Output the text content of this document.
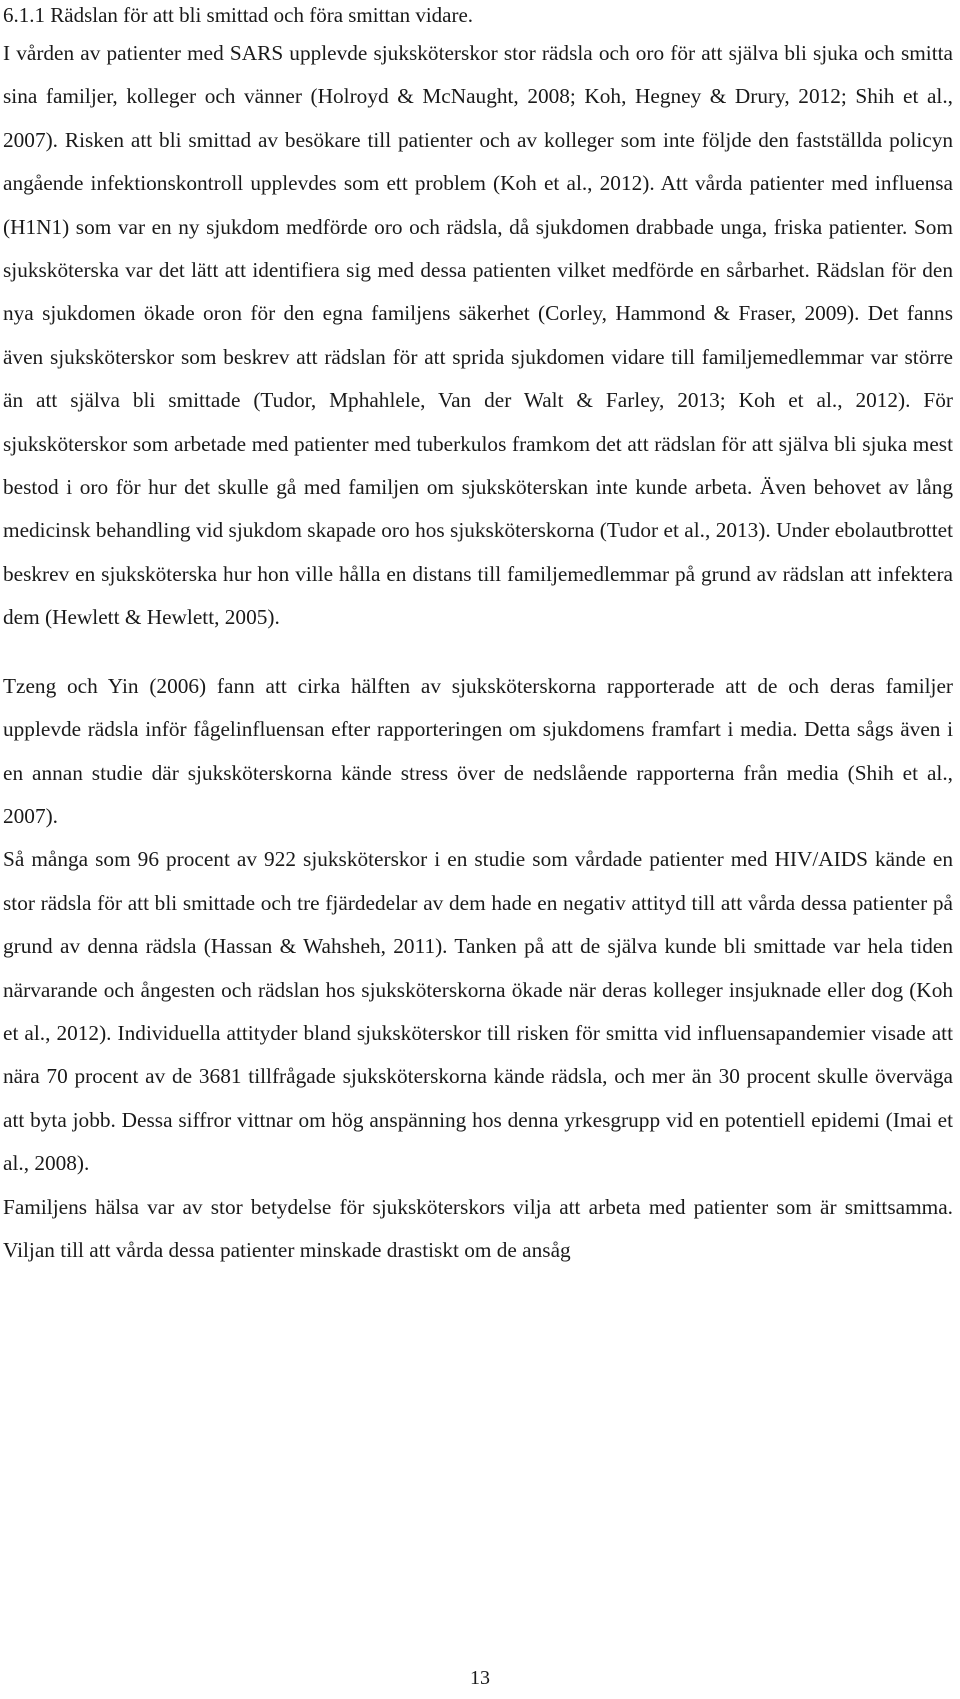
6.1.1 Rädslan för att bli smittad och föra smittan vidare.

I vården av patienter med SARS upplevde sjuksköterskor stor rädsla och oro för att själva bli sjuka och smitta sina familjer, kolleger och vänner (Holroyd & McNaught, 2008; Koh, Hegney & Drury, 2012; Shih et al., 2007). Risken att bli smittad av besökare till patienter och av kolleger som inte följde den fastställda policyn angående infektionskontroll upplevdes som ett problem (Koh et al., 2012). Att vårda patienter med influensa (H1N1) som var en ny sjukdom medförde oro och rädsla, då sjukdomen drabbade unga, friska patienter. Som sjuksköterska var det lätt att identifiera sig med dessa patienten vilket medförde en sårbarhet. Rädslan för den nya sjukdomen ökade oron för den egna familjens säkerhet (Corley, Hammond & Fraser, 2009). Det fanns även sjuksköterskor som beskrev att rädslan för att sprida sjukdomen vidare till familjemedlemmar var större än att själva bli smittade (Tudor, Mphahlele, Van der Walt & Farley, 2013; Koh et al., 2012). För sjuksköterskor som arbetade med patienter med tuberkulos framkom det att rädslan för att själva bli sjuka mest bestod i oro för hur det skulle gå med familjen om sjuksköterskan inte kunde arbeta. Även behovet av lång medicinsk behandling vid sjukdom skapade oro hos sjuksköterskorna (Tudor et al., 2013). Under ebolautbrottet beskrev en sjuksköterska hur hon ville hålla en distans till familjemedlemmar på grund av rädslan att infektera dem (Hewlett & Hewlett, 2005).

Tzeng och Yin (2006) fann att cirka hälften av sjuksköterskorna rapporterade att de och deras familjer upplevde rädsla inför fågelinfluensan efter rapporteringen om sjukdomens framfart i media. Detta sågs även i en annan studie där sjuksköterskorna kände stress över de nedslående rapporterna från media (Shih et al., 2007).

Så många som 96 procent av 922 sjuksköterskor i en studie som vårdade patienter med HIV/AIDS kände en stor rädsla för att bli smittade och tre fjärdedelar av dem hade en negativ attityd till att vårda dessa patienter på grund av denna rädsla (Hassan & Wahsheh, 2011). Tanken på att de själva kunde bli smittade var hela tiden närvarande och ångesten och rädslan hos sjuksköterskorna ökade när deras kolleger insjuknade eller dog (Koh et al., 2012). Individuella attityder bland sjuksköterskor till risken för smitta vid influensapandemier visade att nära 70 procent av de 3681 tillfrågade sjuksköterskorna kände rädsla, och mer än 30 procent skulle överväga att byta jobb. Dessa siffror vittnar om hög anspänning hos denna yrkesgrupp vid en potentiell epidemi (Imai et al., 2008).

Familjens hälsa var av stor betydelse för sjuksköterskors vilja att arbeta med patienter som är smittsamma. Viljan till att vårda dessa patienter minskade drastiskt om de ansåg

13
